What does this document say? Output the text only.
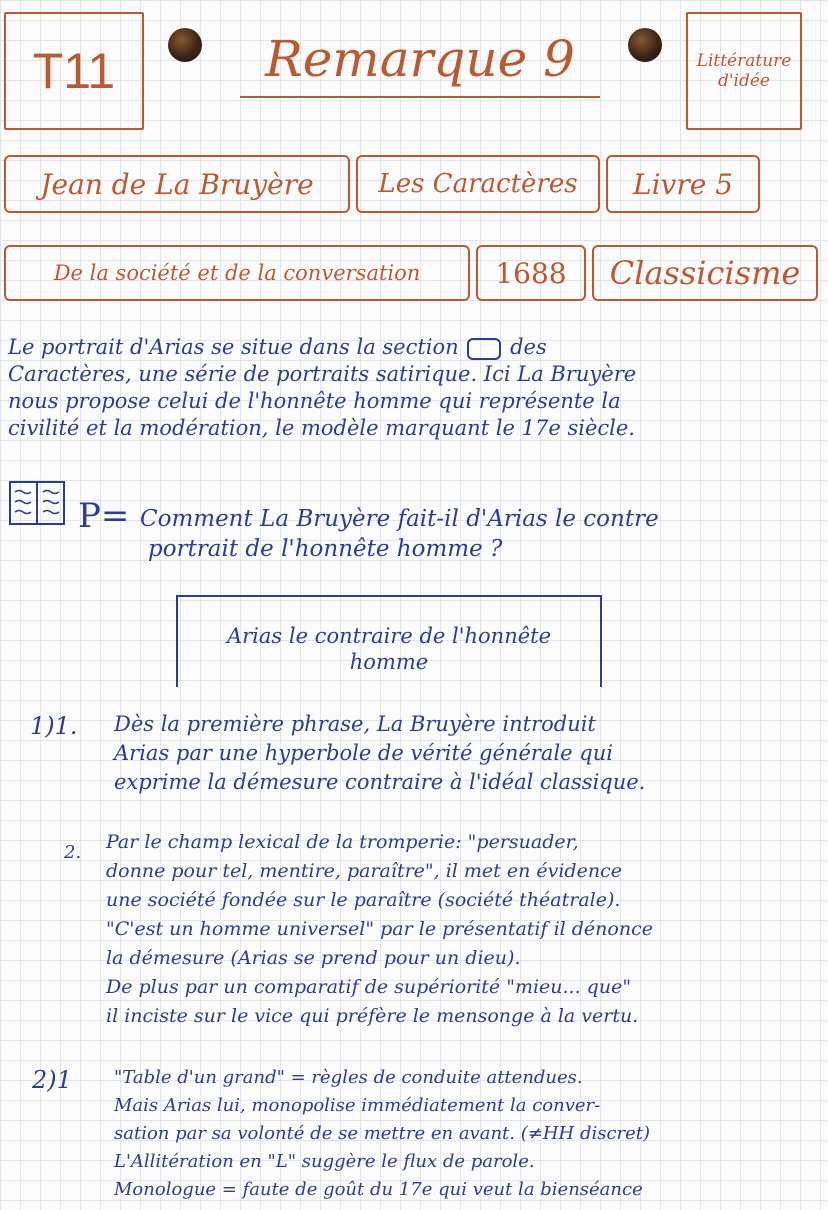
T11	Remarque 9	Littérature
d'idée
Jean de La Bruyère Les Caractères Livre 5
De la société et de la conversation	1688 Classicisme
Le portrait d'Arias se situe dans la section des
Caractères, une série de portraits satirique. Ici La Bruyère
nous propose celui de l'honnête homme qui représente la
civilité et la modération, le modèle marquant le 17e siècle.
P= Comment La Bruyère fait-il d'Arias le contre
portrait de l'honnête homme ?
Arias le contraire de l'honnête
homme
1)1. Dès la première phrase, La Bruyère introduit
Arias par une hyperbole de vérité générale qui
exprime la démesure contraire à l'idéal classique.
2. Par le champ lexical de la tromperie: "persuader,
donne pour tel, mentire, paraître", il met en évidence
une société fondée sur le paraître (société théatrale).
"C'est un homme universel" par le présentatif il dénonce
la démesure (Arias se prend pour un dieu).
De plus par un comparatif de supériorité "mieu... que"
il inciste sur le vice qui préfère le mensonge à la vertu.
2)1 "Table d'un grand" = règles de conduite attendues.
Mais Arias lui, monopolise immédiatement la conver-
sation par sa volonté de se mettre en avant. (≠HH discret)
L'Allitération en "L" suggère le flux de parole.
Monologue = faute de goût du 17e qui veut la bienséance
